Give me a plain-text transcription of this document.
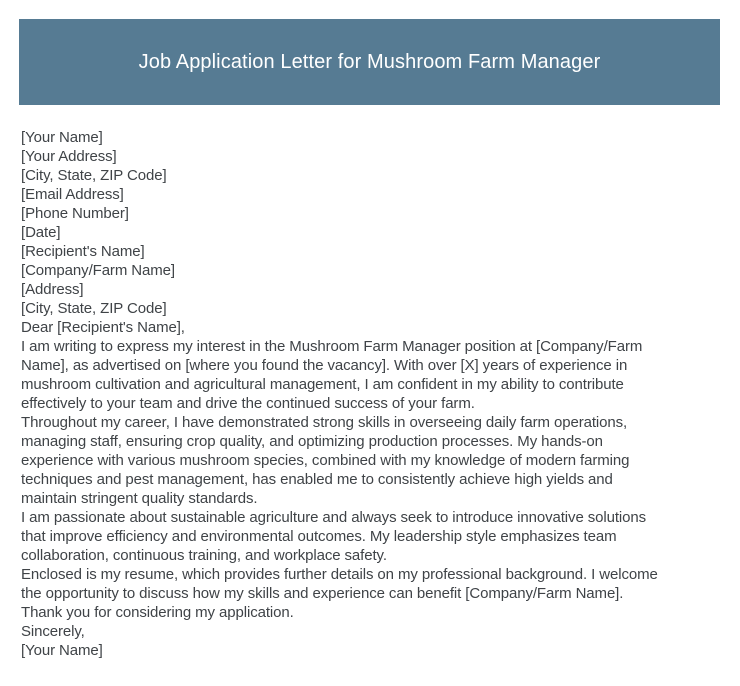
Job Application Letter for Mushroom Farm Manager
[Your Name]
[Your Address]
[City, State, ZIP Code]
[Email Address]
[Phone Number]
[Date]
[Recipient's Name]
[Company/Farm Name]
[Address]
[City, State, ZIP Code]
Dear [Recipient's Name],
I am writing to express my interest in the Mushroom Farm Manager position at [Company/Farm
Name], as advertised on [where you found the vacancy]. With over [X] years of experience in
mushroom cultivation and agricultural management, I am confident in my ability to contribute
effectively to your team and drive the continued success of your farm.
Throughout my career, I have demonstrated strong skills in overseeing daily farm operations,
managing staff, ensuring crop quality, and optimizing production processes. My hands-on
experience with various mushroom species, combined with my knowledge of modern farming
techniques and pest management, has enabled me to consistently achieve high yields and
maintain stringent quality standards.
I am passionate about sustainable agriculture and always seek to introduce innovative solutions
that improve efficiency and environmental outcomes. My leadership style emphasizes team
collaboration, continuous training, and workplace safety.
Enclosed is my resume, which provides further details on my professional background. I welcome
the opportunity to discuss how my skills and experience can benefit [Company/Farm Name].
Thank you for considering my application.
Sincerely,
[Your Name]
